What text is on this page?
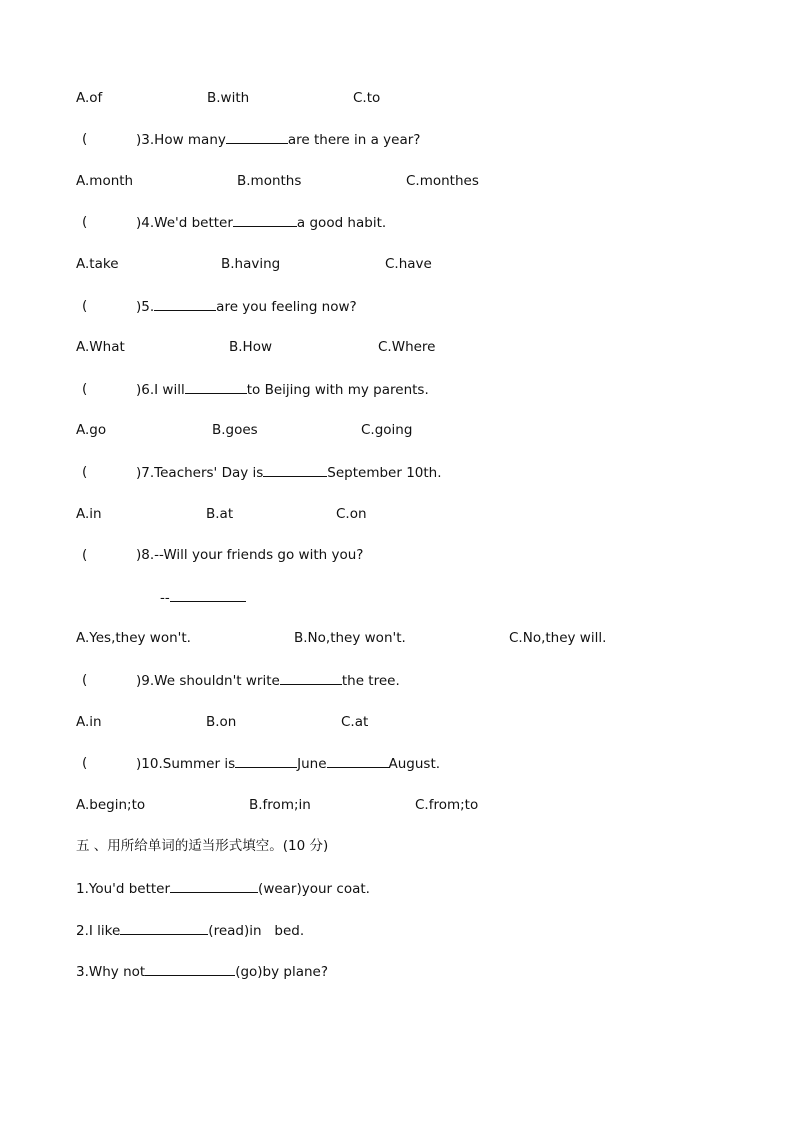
A.of	B.with	C.to
(	)3.How many	are there in a year?
A.month	B.months	C.monthes
(	)4.We'd better	a good habit.
A.take	B.having	C.have
(	)5.	are you feeling now?
A.What	B.How	C.Where
(	)6.I will	to Beijing with my parents.
A.go	B.goes	C.going
(	)7.Teachers' Day is	September 10th.
A.in	B.at	C.on
(	)8.--Will your friends go with you?
--
A.Yes,they won't.	B.No,they won't.	C.No,they will.
(	)9.We shouldn't write	the tree.
A.in	B.on	C.at
(	)10.Summer is	June	August.
A.begin;to	B.from;in	C.from;to
五 、用所给单词的适当形式填空。(10 分)
1.You'd better	(wear)your coat.
2.I like	(read)in   bed.
3.Why not	(go)by plane?
